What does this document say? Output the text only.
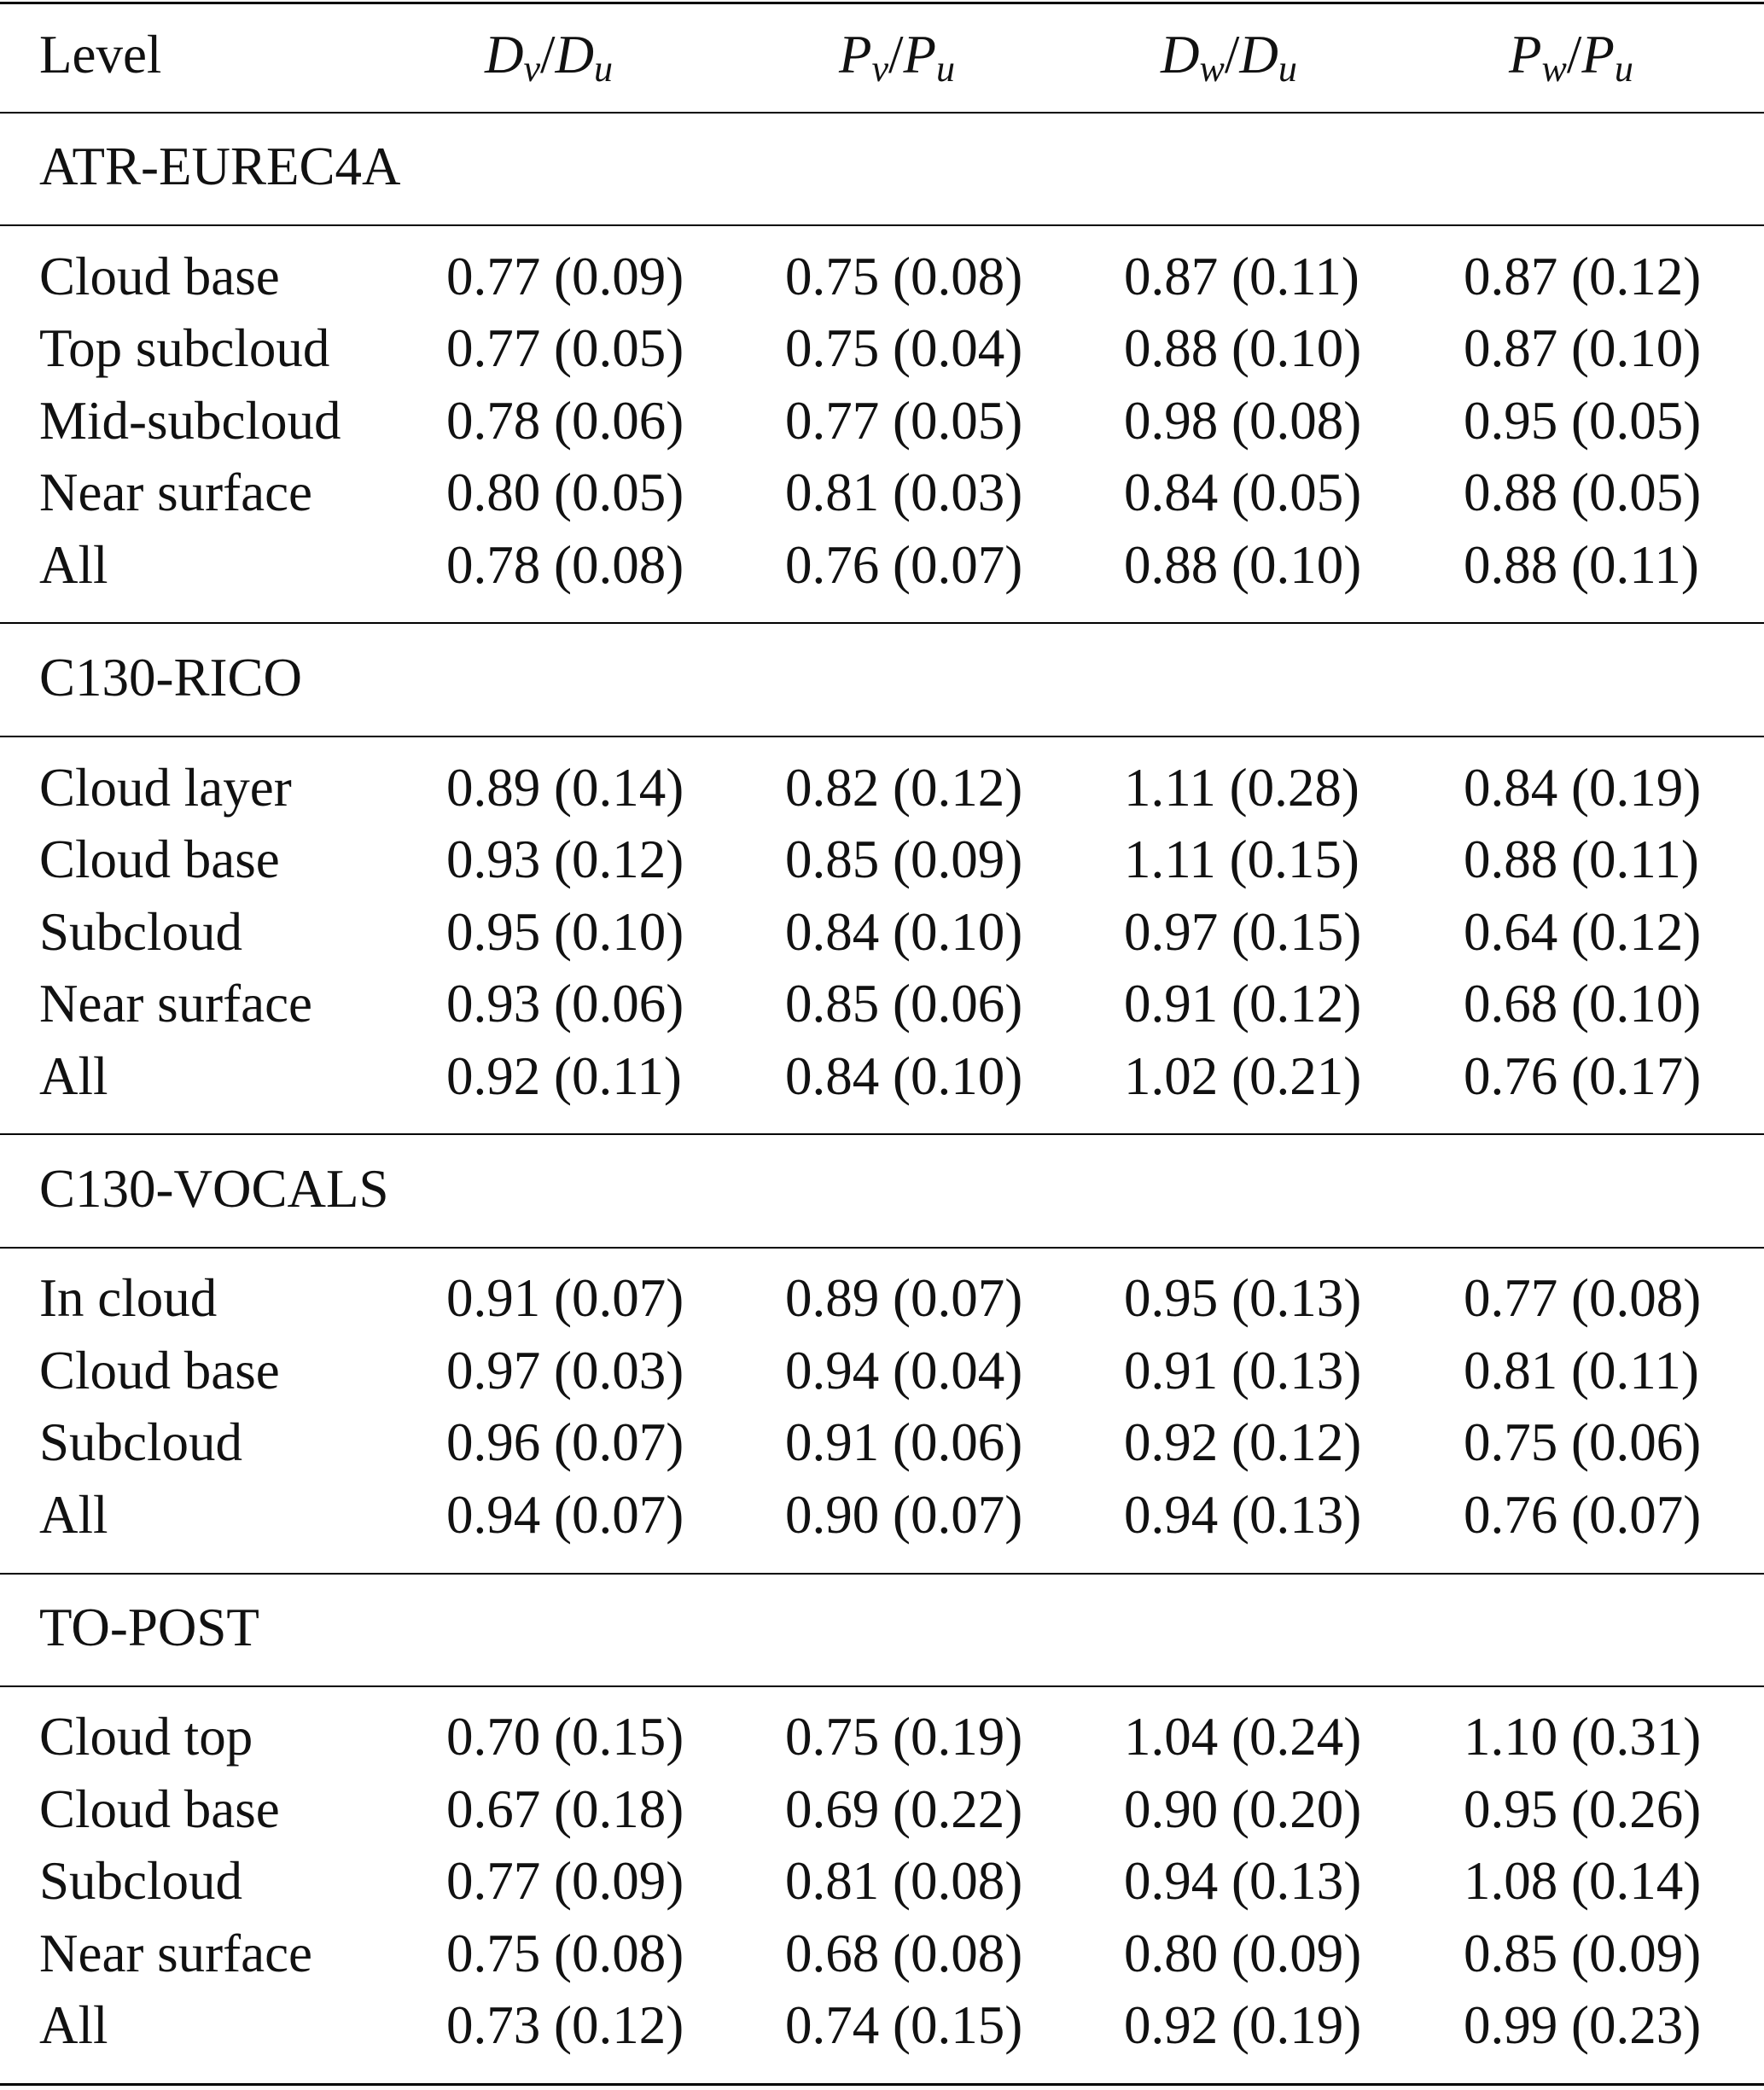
Level	$D_v/D_u$	$P_v/P_u$	$D_w/D_u$	$P_w/P_u$
ATR-EUREC4A
Cloud base	0.77 (0.09) 0.75 (0.08) 0.87 (0.11) 0.87 (0.12)
Top subcloud 0.77 (0.05) 0.75 (0.04) 0.88 (0.10) 0.87 (0.10)
Mid-subcloud 0.78 (0.06) 0.77 (0.05) 0.98 (0.08) 0.95 (0.05)
Near surface 0.80 (0.05) 0.81 (0.03) 0.84 (0.05) 0.88 (0.05)
All	0.78 (0.08) 0.76 (0.07) 0.88 (0.10) 0.88 (0.11)
C130-RICO
Cloud layer	0.89 (0.14) 0.82 (0.12) 1.11 (0.28) 0.84 (0.19)
Cloud base	0.93 (0.12) 0.85 (0.09) 1.11 (0.15) 0.88 (0.11)
Subcloud	0.95 (0.10) 0.84 (0.10) 0.97 (0.15) 0.64 (0.12)
Near surface 0.93 (0.06) 0.85 (0.06) 0.91 (0.12) 0.68 (0.10)
All	0.92 (0.11) 0.84 (0.10) 1.02 (0.21) 0.76 (0.17)
C130-VOCALS
In cloud	0.91 (0.07) 0.89 (0.07) 0.95 (0.13) 0.77 (0.08)
Cloud base	0.97 (0.03) 0.94 (0.04) 0.91 (0.13) 0.81 (0.11)
Subcloud	0.96 (0.07) 0.91 (0.06) 0.92 (0.12) 0.75 (0.06)
All	0.94 (0.07) 0.90 (0.07) 0.94 (0.13) 0.76 (0.07)
TO-POST
Cloud top	0.70 (0.15) 0.75 (0.19) 1.04 (0.24) 1.10 (0.31)
Cloud base	0.67 (0.18) 0.69 (0.22) 0.90 (0.20) 0.95 (0.26)
Subcloud	0.77 (0.09) 0.81 (0.08) 0.94 (0.13) 1.08 (0.14)
Near surface 0.75 (0.08) 0.68 (0.08) 0.80 (0.09) 0.85 (0.09)
All	0.73 (0.12) 0.74 (0.15) 0.92 (0.19) 0.99 (0.23)
